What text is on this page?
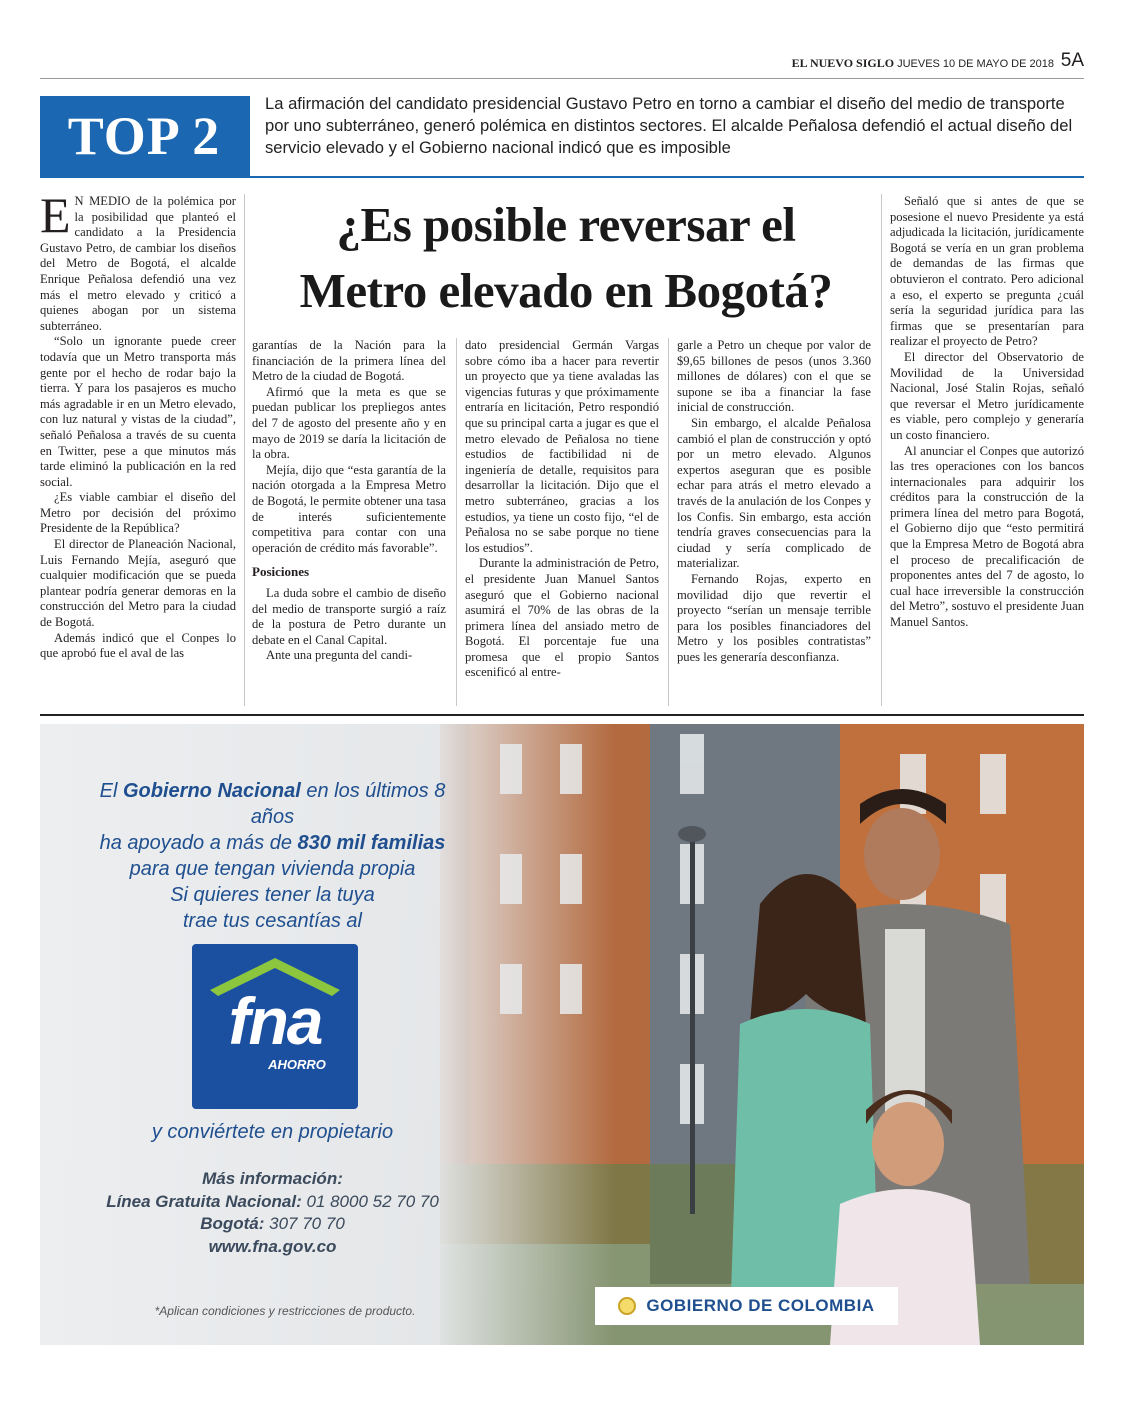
EL NUEVO SIGLO JUEVES 10 DE MAYO DE 2018 5A
TOP 2
La afirmación del candidato presidencial Gustavo Petro en torno a cambiar el diseño del medio de transporte por uno subterráneo, generó polémica en distintos sectores. El alcalde Peñalosa defendió el actual diseño del servicio elevado y el Gobierno nacional indicó que es imposible
¿Es posible reversar el
Metro elevado en Bogotá?

E N MEDIO de la polémica por la posibilidad que planteó el candidato a la Presidencia Gustavo Petro, de cambiar los diseños del Metro de Bogotá, el alcalde Enrique Peñalosa defendió una vez más el metro elevado y criticó a quienes abogan por un sistema subterráneo.

“Solo un ignorante puede creer todavía que un Metro transporta más gente por el hecho de rodar bajo la tierra. Y para los pasajeros es mucho más agradable ir en un Metro elevado, con luz natural y vistas de la ciudad”, señaló Peñalosa a través de su cuenta en Twitter, pese a que minutos más tarde eliminó la publicación en la red social.

¿Es viable cambiar el diseño del Metro por decisión del próximo Presidente de la República?

El director de Planeación Nacional, Luis Fernando Mejía, aseguró que cualquier modificación que se pueda plantear podría generar demoras en la construcción del Metro para la ciudad de Bogotá.

Además indicó que el Conpes lo que aprobó fue el aval de las

garantías de la Nación para la financiación de la primera línea del Metro de la ciudad de Bogotá.

Afirmó que la meta es que se puedan publicar los prepliegos antes del 7 de agosto del presente año y en mayo de 2019 se daría la licitación de la obra.

Mejía, dijo que “esta garantía de la nación otorgada a la Empresa Metro de Bogotá, le permite obtener una tasa de interés suficientemente competitiva para contar con una operación de crédito más favorable”.

Posiciones

La duda sobre el cambio de diseño del medio de transporte surgió a raíz de la postura de Petro durante un debate en el Canal Capital.

Ante una pregunta del candi-

dato presidencial Germán Vargas sobre cómo iba a hacer para revertir un proyecto que ya tiene avaladas las vigencias futuras y que próximamente entraría en licitación, Petro respondió que su principal carta a jugar es que el metro elevado de Peñalosa no tiene estudios de factibilidad ni de ingeniería de detalle, requisitos para desarrollar la licitación. Dijo que el metro subterráneo, gracias a los estudios, ya tiene un costo fijo, “el de Peñalosa no se sabe porque no tiene los estudios”.

Durante la administración de Petro, el presidente Juan Manuel Santos aseguró que el Gobierno nacional asumirá el 70% de las obras de la primera línea del ansiado metro de Bogotá. El porcentaje fue una promesa que el propio Santos escenificó al entre-

garle a Petro un cheque por valor de $9,65 billones de pesos (unos 3.360 millones de dólares) con el que se supone se iba a financiar la fase inicial de construcción.

Sin embargo, el alcalde Peñalosa cambió el plan de construcción y optó por un metro elevado. Algunos expertos aseguran que es posible echar para atrás el metro elevado a través de la anulación de los Conpes y los Confis. Sin embargo, esta acción tendría graves consecuencias para la ciudad y sería complicado de materializar.

Fernando Rojas, experto en movilidad dijo que revertir el proyecto “serían un mensaje terrible para los posibles financiadores del Metro y los posibles contratistas” pues les generaría desconfianza.

Señaló que si antes de que se posesione el nuevo Presidente ya está adjudicada la licitación, jurídicamente Bogotá se vería en un gran problema de demandas de las firmas que obtuvieron el contrato. Pero adicional a eso, el experto se pregunta ¿cuál sería la seguridad jurídica para las firmas que se presentarían para realizar el proyecto de Petro?

El director del Observatorio de Movilidad de la Universidad Nacional, José Stalin Rojas, señaló que reversar el Metro jurídicamente es viable, pero complejo y generaría un costo financiero.

Al anunciar el Conpes que autorizó las tres operaciones con los bancos internacionales para adquirir los créditos para la construcción de la primera línea del metro para Bogotá, el Gobierno dijo que “esto permitirá que la Empresa Metro de Bogotá abra el proceso de precalificación de proponentes antes del 7 de agosto, lo cual hace irreversible la construcción del Metro”, sostuvo el presidente Juan Manuel Santos.

El Gobierno Nacional en los últimos 8 años
ha apoyado a más de 830 mil familias
para que tengan vivienda propia
Si quieres tener la tuya
trae tus cesantías al
fna
AHORRO
y conviértete en propietario
Más información:
Línea Gratuita Nacional: 01 8000 52 70 70
Bogotá: 307 70 70
www.fna.gov.co
*Aplican condiciones y restricciones de producto.	GOBIERNO DE COLOMBIA
